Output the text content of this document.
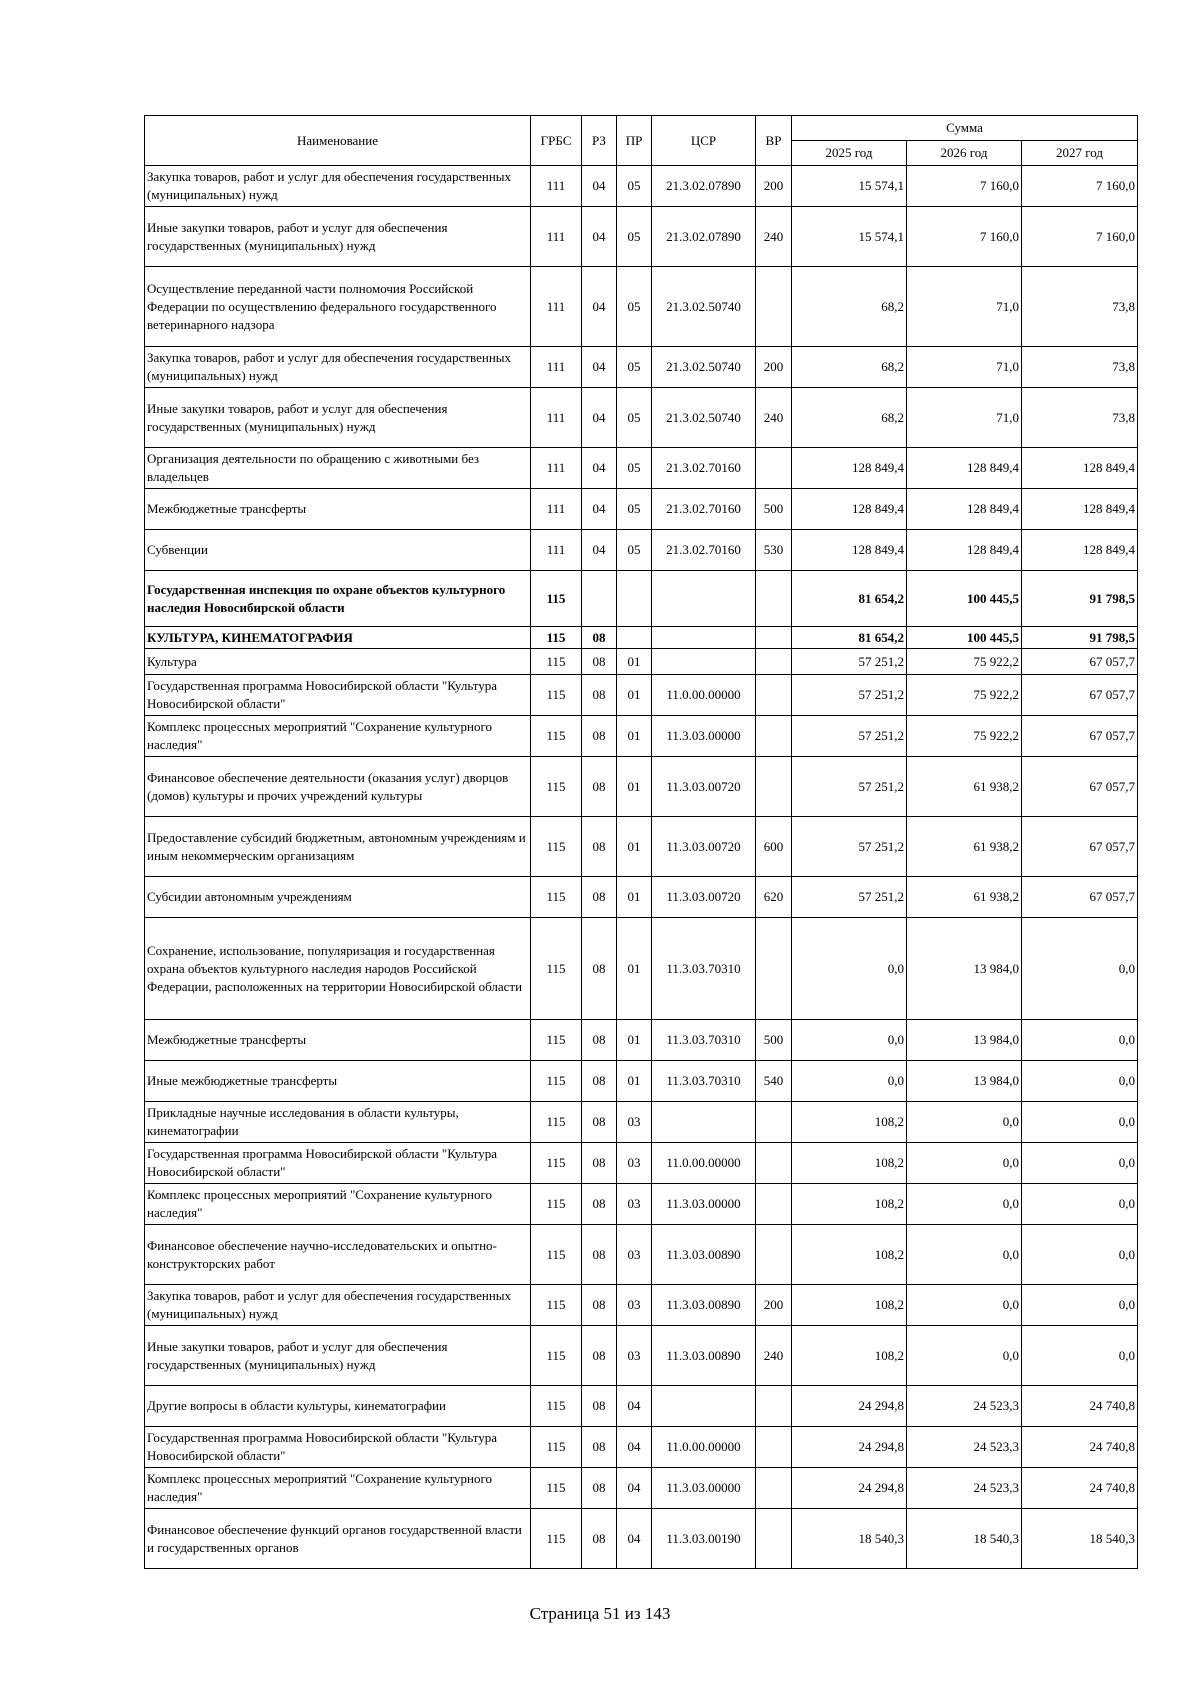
Наименование	ГРБС	РЗ	ПР	ЦСР	ВР	Сумма		
						2025 год	2026 год	2027 год
Закупка товаров, работ и услуг для обеспечения государственных (муниципальных) нужд	111	04	05	21.3.02.07890	200	15 574,1	7 160,0	7 160,0
Иные закупки товаров, работ и услуг для обеспечения государственных (муниципальных) нужд	111	04	05	21.3.02.07890	240	15 574,1	7 160,0	7 160,0
Осуществление переданной части полномочия Российской Федерации по осуществлению федерального государственного ветеринарного надзора	111	04	05	21.3.02.50740		68,2	71,0	73,8
Закупка товаров, работ и услуг для обеспечения государственных (муниципальных) нужд	111	04	05	21.3.02.50740	200	68,2	71,0	73,8
Иные закупки товаров, работ и услуг для обеспечения государственных (муниципальных) нужд	111	04	05	21.3.02.50740	240	68,2	71,0	73,8
Организация деятельности по обращению с животными без владельцев	111	04	05	21.3.02.70160		128 849,4	128 849,4	128 849,4
Межбюджетные трансферты	111	04	05	21.3.02.70160	500	128 849,4	128 849,4	128 849,4
Субвенции	111	04	05	21.3.02.70160	530	128 849,4	128 849,4	128 849,4
Государственная инспекция по охране объектов культурного наследия Новосибирской области	115					81 654,2	100 445,5	91 798,5
КУЛЬТУРА, КИНЕМАТОГРАФИЯ	115	08				81 654,2	100 445,5	91 798,5
Культура	115	08	01			57 251,2	75 922,2	67 057,7
Государственная программа Новосибирской области "Культура Новосибирской области"	115	08	01	11.0.00.00000		57 251,2	75 922,2	67 057,7
Комплекс процессных мероприятий "Сохранение культурного наследия"	115	08	01	11.3.03.00000		57 251,2	75 922,2	67 057,7
Финансовое обеспечение деятельности (оказания услуг) дворцов (домов) культуры и прочих учреждений культуры	115	08	01	11.3.03.00720		57 251,2	61 938,2	67 057,7
Предоставление субсидий бюджетным, автономным учреждениям и иным некоммерческим организациям	115	08	01	11.3.03.00720	600	57 251,2	61 938,2	67 057,7
Субсидии автономным учреждениям	115	08	01	11.3.03.00720	620	57 251,2	61 938,2	67 057,7
Сохранение, использование, популяризация и государственная охрана объектов культурного наследия народов Российской Федерации, расположенных на территории Новосибирской области	115	08	01	11.3.03.70310		0,0	13 984,0	0,0
Межбюджетные трансферты	115	08	01	11.3.03.70310	500	0,0	13 984,0	0,0
Иные межбюджетные трансферты	115	08	01	11.3.03.70310	540	0,0	13 984,0	0,0
Прикладные научные исследования в области культуры, кинематографии	115	08	03			108,2	0,0	0,0
Государственная программа Новосибирской области "Культура Новосибирской области"	115	08	03	11.0.00.00000		108,2	0,0	0,0
Комплекс процессных мероприятий "Сохранение культурного наследия"	115	08	03	11.3.03.00000		108,2	0,0	0,0
Финансовое обеспечение научно-исследовательских и опытно-конструкторских работ	115	08	03	11.3.03.00890		108,2	0,0	0,0
Закупка товаров, работ и услуг для обеспечения государственных (муниципальных) нужд	115	08	03	11.3.03.00890	200	108,2	0,0	0,0
Иные закупки товаров, работ и услуг для обеспечения государственных (муниципальных) нужд	115	08	03	11.3.03.00890	240	108,2	0,0	0,0
Другие вопросы в области культуры, кинематографии	115	08	04			24 294,8	24 523,3	24 740,8
Государственная программа Новосибирской области "Культура Новосибирской области"	115	08	04	11.0.00.00000		24 294,8	24 523,3	24 740,8
Комплекс процессных мероприятий "Сохранение культурного наследия"	115	08	04	11.3.03.00000		24 294,8	24 523,3	24 740,8
Финансовое обеспечение функций органов государственной власти и государственных органов	115	08	04	11.3.03.00190		18 540,3	18 540,3	18 540,3
Страница 51 из 143
